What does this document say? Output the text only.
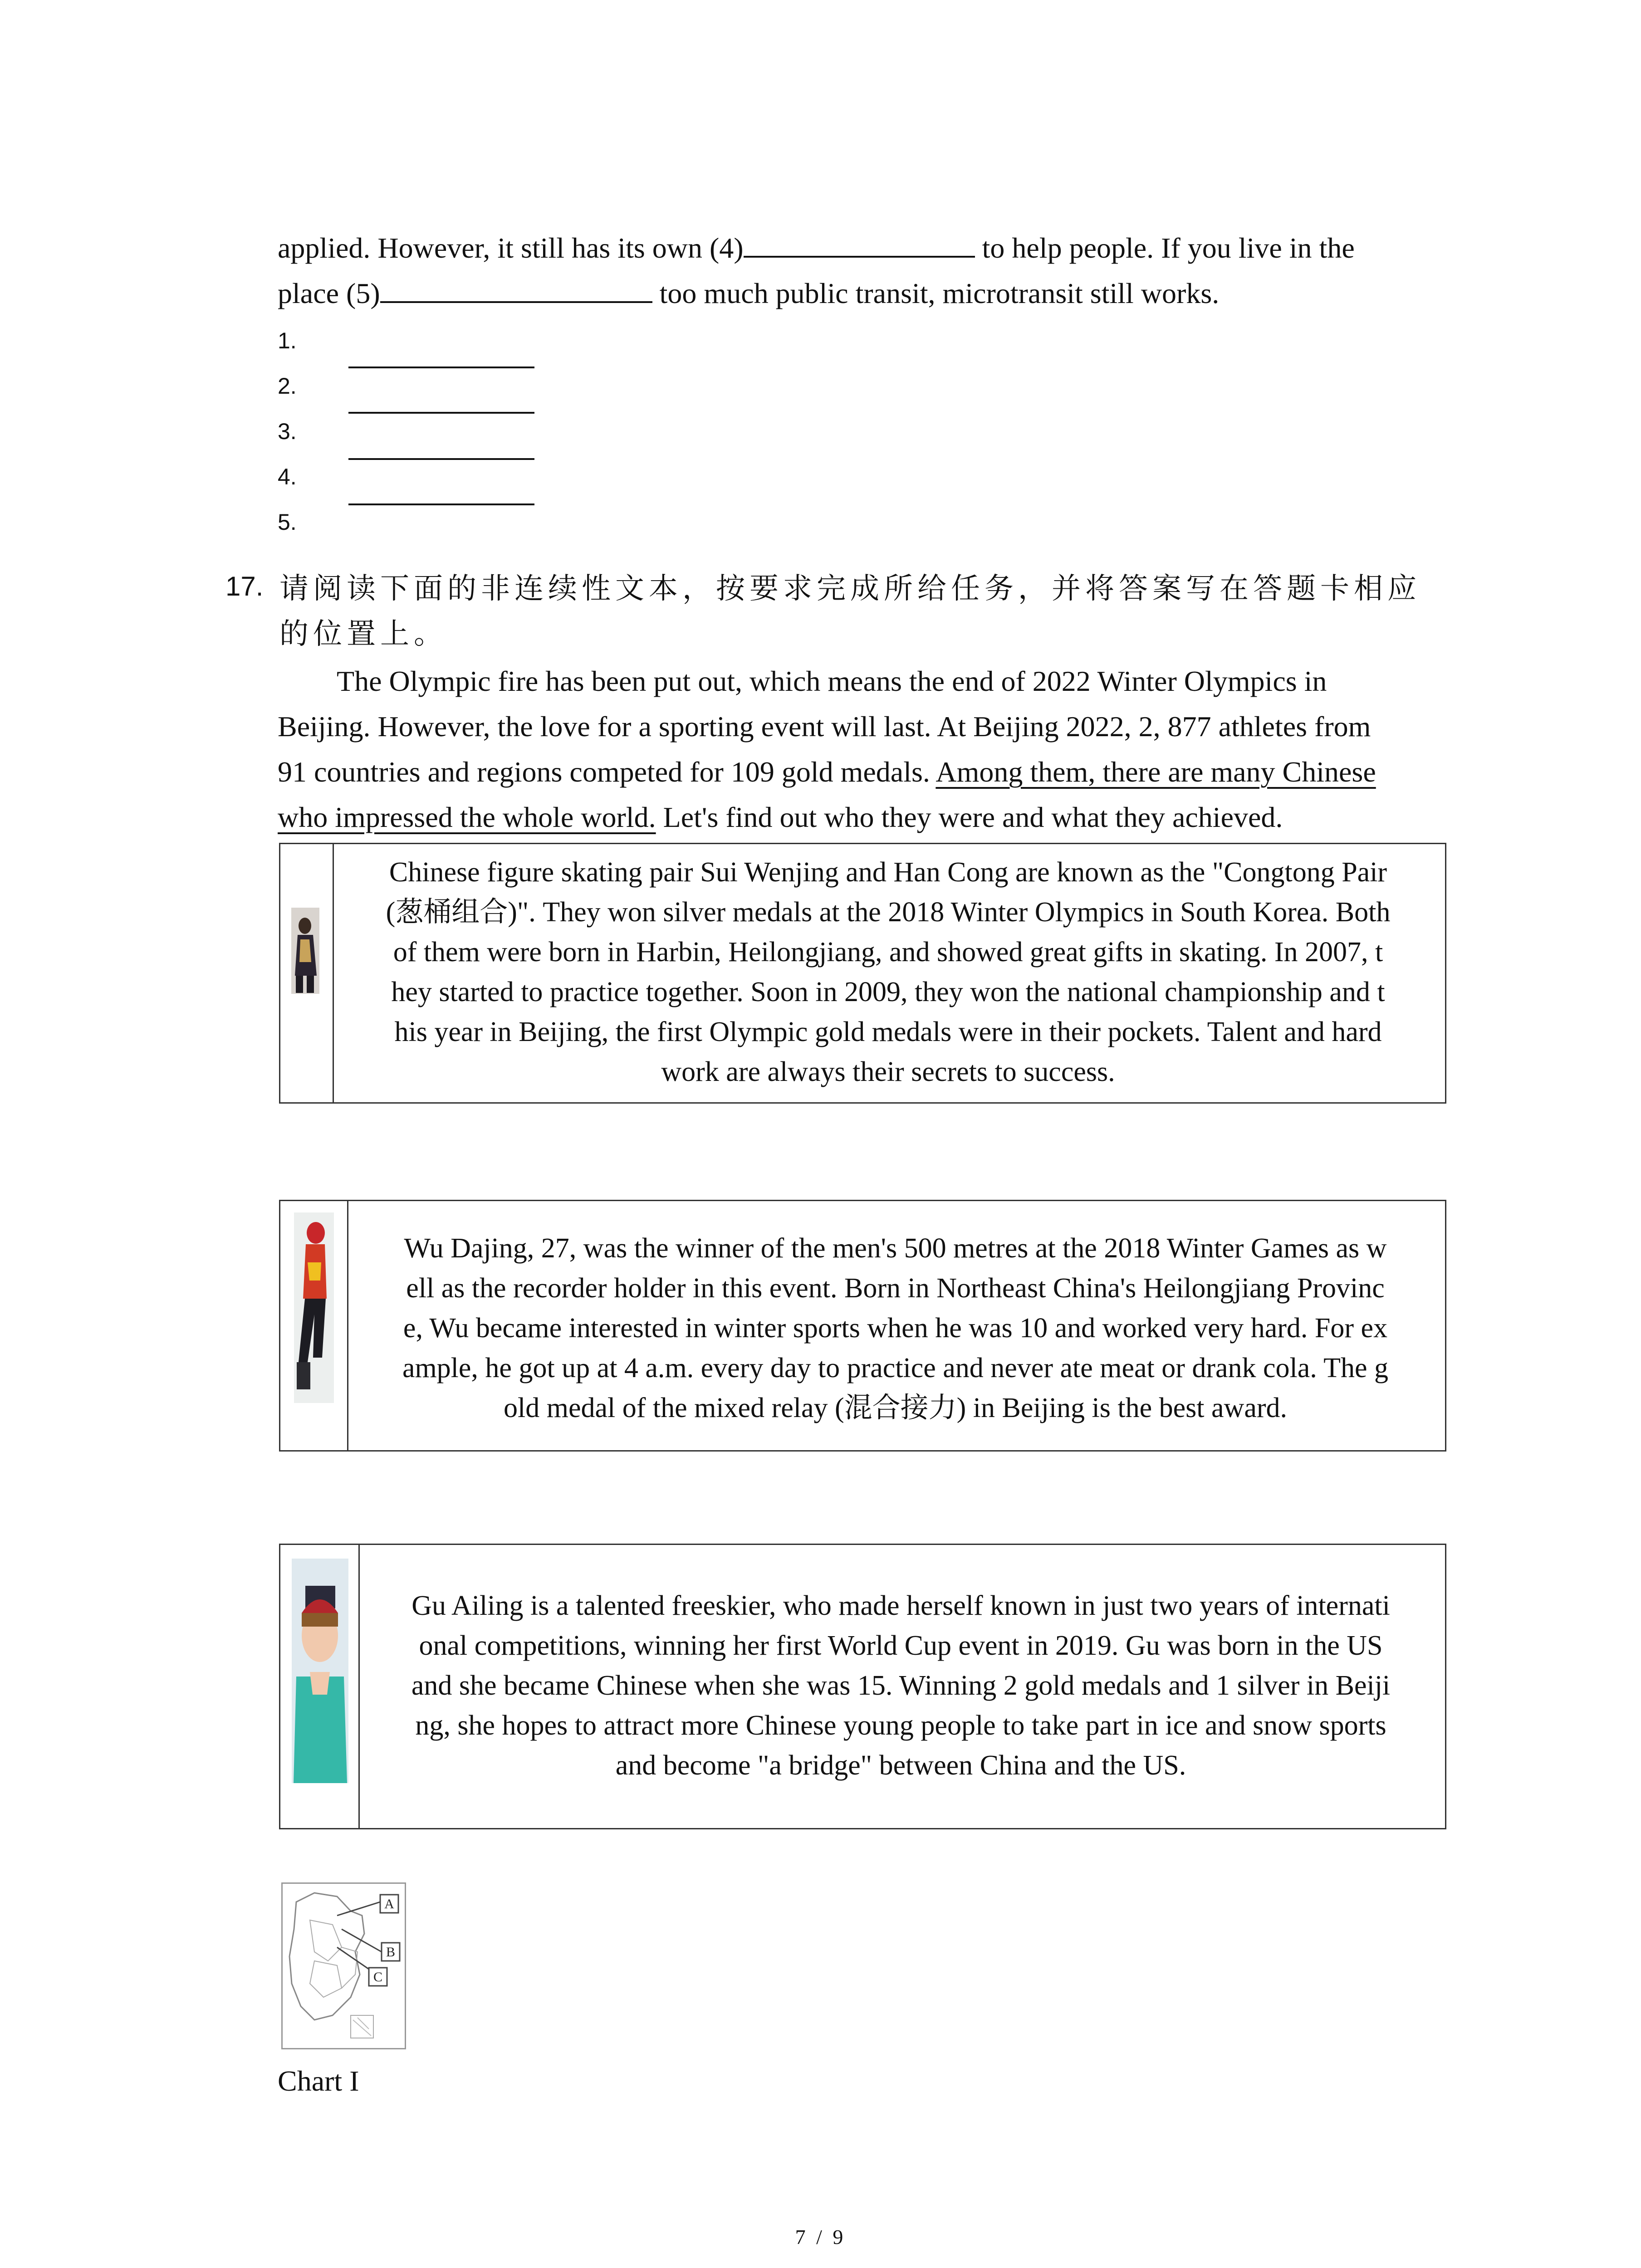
applied. However, it still has its own (4)	to help people. If you live in the

place (5)	too much public transit, microtransit still works.

1.
2.
3.
4.
5.
17. 请阅读下面的非连续性文本，按要求完成所给任务，并将答案写在答题卡相应的位置上。

The Olympic fire has been put out, which means the end of 2022 Winter Olympics in

Beijing. However, the love for a sporting event will last. At Beijing 2022, 2, 877 athletes from

91 countries and regions competed for 109 gold medals. Among them, there are many Chinese

who impressed the whole world. Let's find out who they were and what they achieved.

Chinese figure skating pair Sui Wenjing and Han Cong are known as the "Congtong Pair
(葱桶组合)". They won silver medals at the 2018 Winter Olympics in South Korea. Both
of them were born in Harbin, Heilongjiang, and showed great gifts in skating. In 2007, t
hey started to practice together. Soon in 2009, they won the national championship and t
his year in Beijing, the first Olympic gold medals were in their pockets. Talent and hard
work are always their secrets to success.
Wu Dajing, 27, was the winner of the men's 500 metres at the 2018 Winter Games as w
ell as the recorder holder in this event. Born in Northeast China's Heilongjiang Provinc
e, Wu became interested in winter sports when he was 10 and worked very hard. For ex
ample, he got up at 4 a.m. every day to practice and never ate meat or drank cola. The g
old medal of the mixed relay (混合接力) in Beijing is the best award.
Gu Ailing is a talented freeskier, who made herself known in just two years of internati
onal competitions, winning her first World Cup event in 2019. Gu was born in the US
and she became Chinese when she was 15. Winning 2 gold medals and 1 silver in Beiji
ng, she hopes to attract more Chinese young people to take part in ice and snow sports
and become "a bridge" between China and the US.
A
B
C
Chart I
7 / 9
